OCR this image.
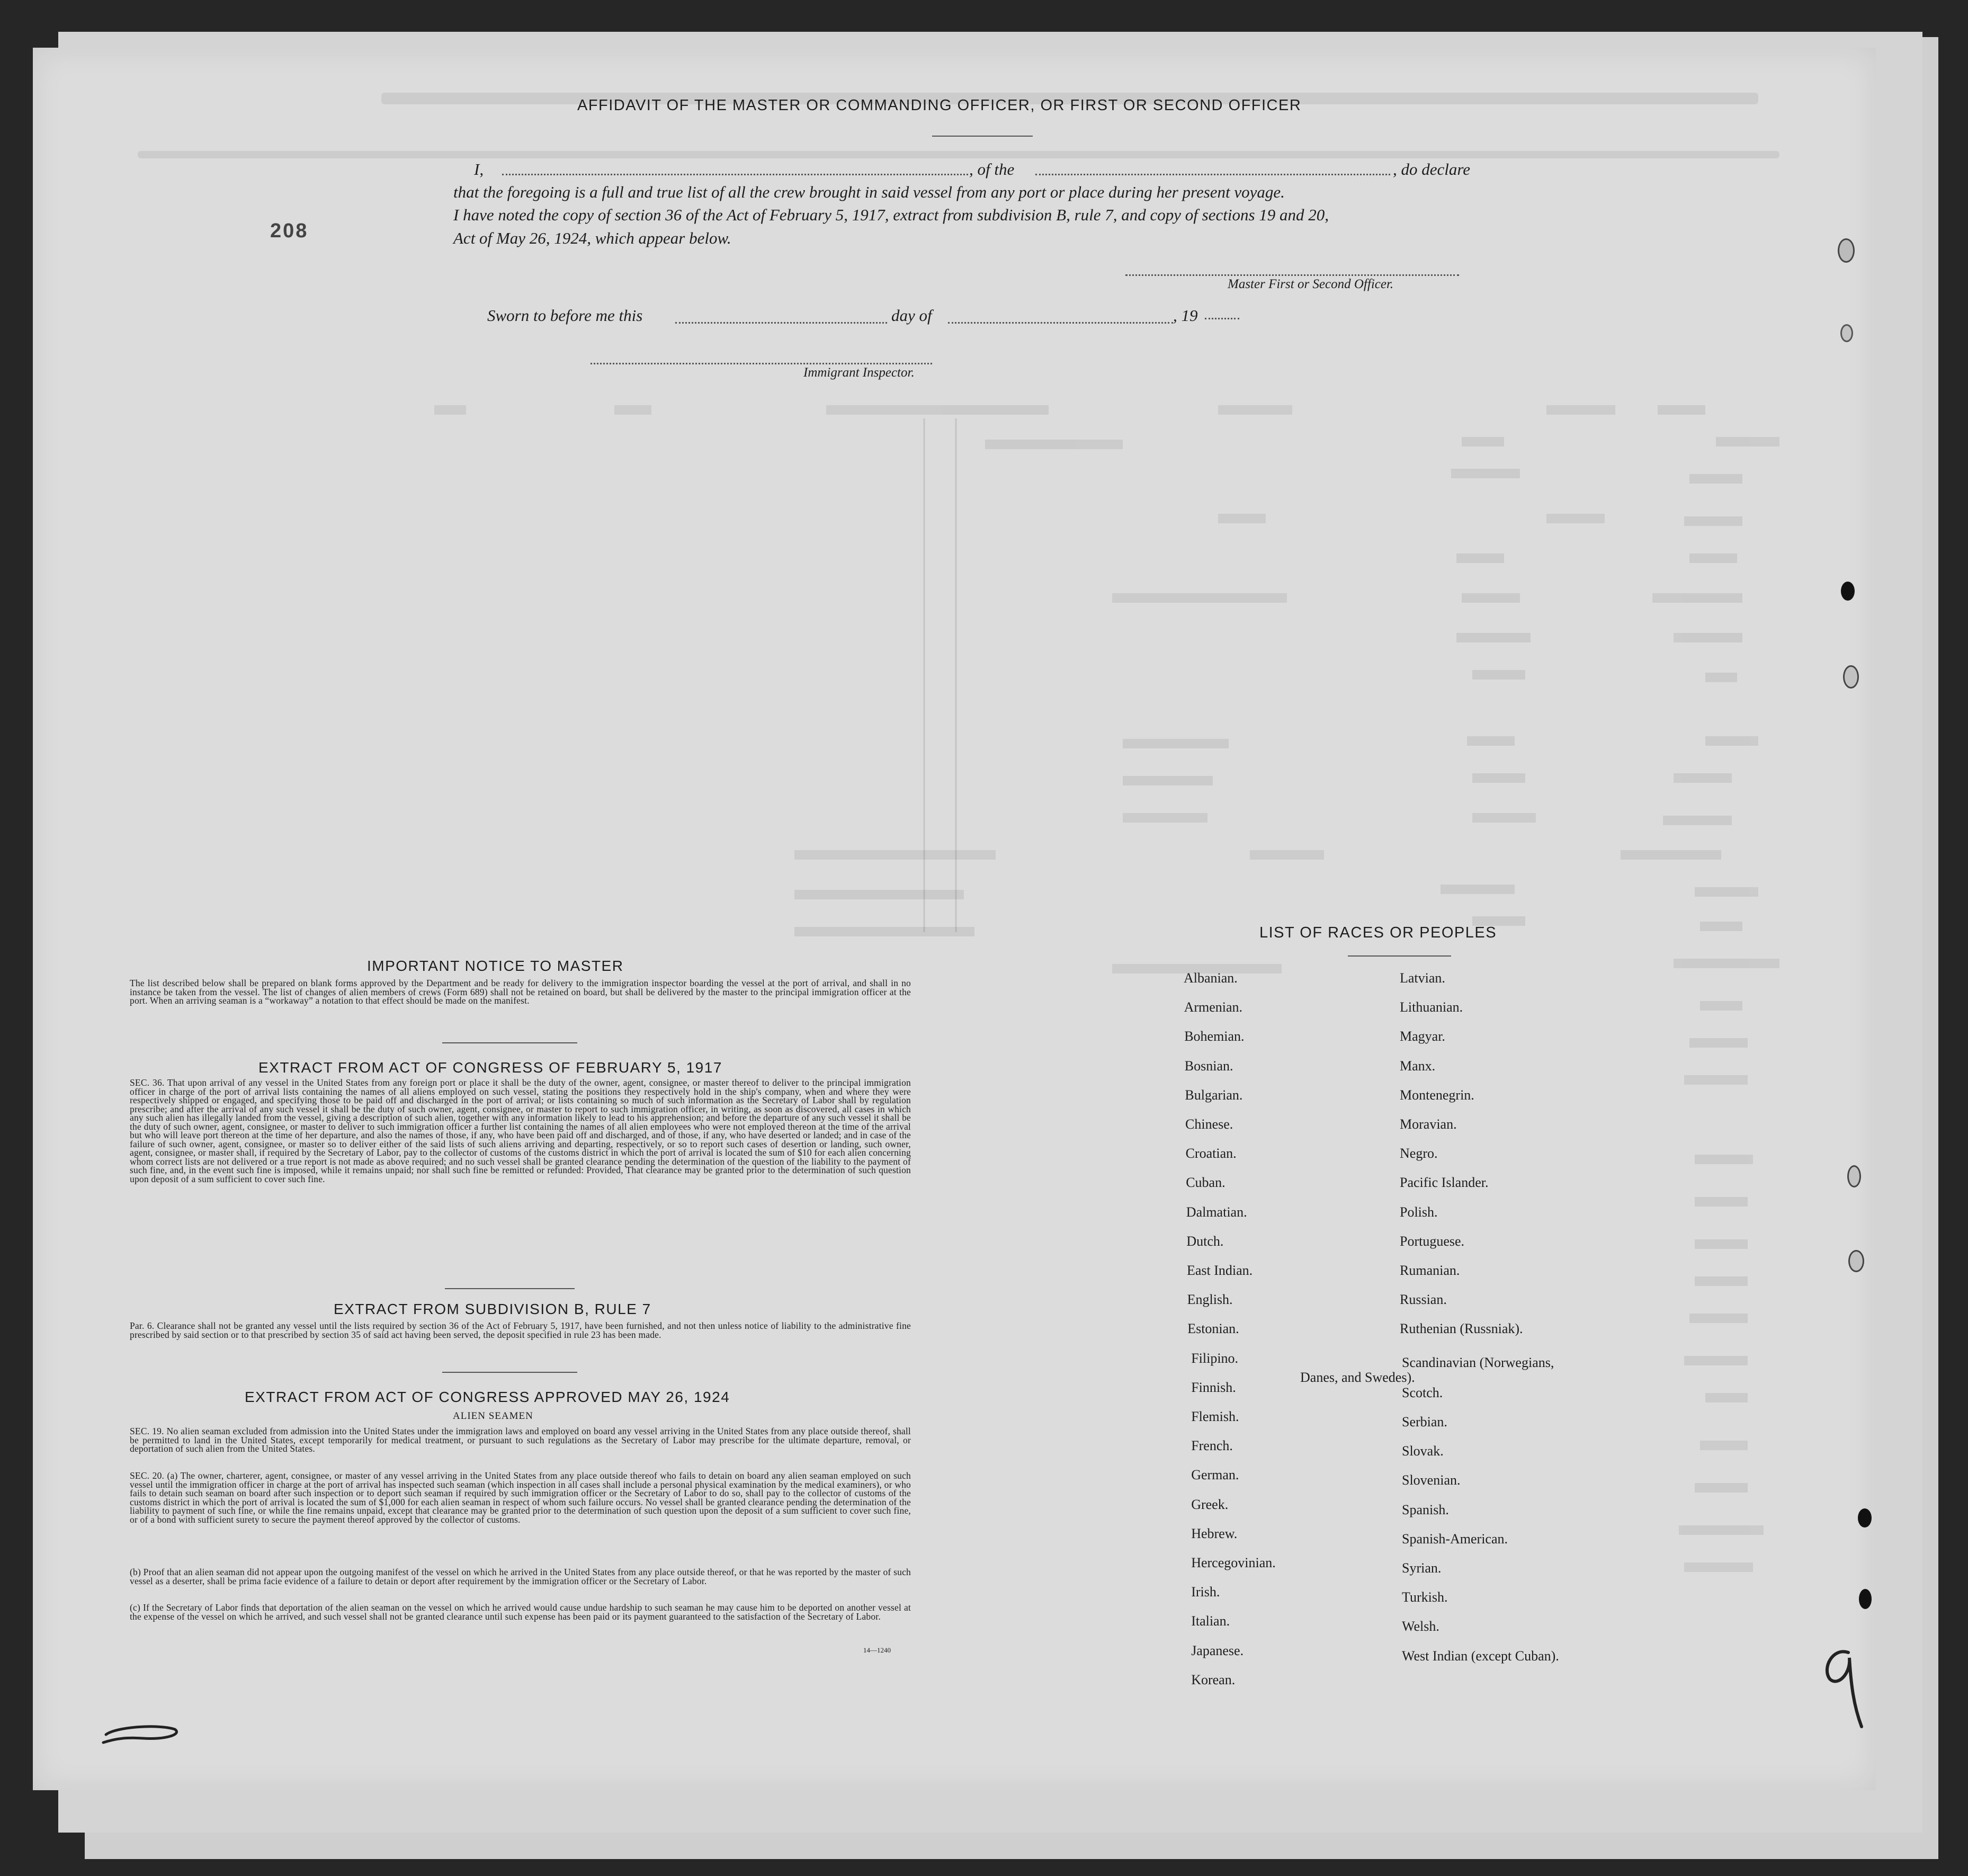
AFFIDAVIT OF THE MASTER OR COMMANDING OFFICER, OR FIRST OR SECOND OFFICER
I,	, of the	, do declare
that the foregoing is a full and true list of all the crew brought in said vessel from any port or place during her present voyage.
I have noted the copy of section 36 of the Act of February 5, 1917, extract from subdivision B, rule 7, and copy of sections 19 and 20,
Act of May 26, 1924, which appear below.
208
Master First or Second Officer.
Sworn to before me this	day of	, 19
Immigrant Inspector.
IMPORTANT NOTICE TO MASTER
The list described below shall be prepared on blank forms approved by the Department and be ready for delivery to the immigration inspector boarding the vessel at the port of arrival, and shall in no instance be taken from the vessel. The list of changes of alien members of crews (Form 689) shall not be retained on board, but shall be delivered by the master to the principal immigration officer at the port. When an arriving seaman is a “workaway” a notation to that effect should be made on the manifest.
EXTRACT FROM ACT OF CONGRESS OF FEBRUARY 5, 1917
SEC. 36. That upon arrival of any vessel in the United States from any foreign port or place it shall be the duty of the owner, agent, consignee, or master thereof to deliver to the principal immigration officer in charge of the port of arrival lists containing the names of all aliens employed on such vessel, stating the positions they respectively hold in the ship's company, when and where they were respectively shipped or engaged, and specifying those to be paid off and discharged in the port of arrival; or lists containing so much of such information as the Secretary of Labor shall by regulation prescribe; and after the arrival of any such vessel it shall be the duty of such owner, agent, consignee, or master to report to such immigration officer, in writing, as soon as discovered, all cases in which any such alien has illegally landed from the vessel, giving a description of such alien, together with any information likely to lead to his apprehension; and before the departure of any such vessel it shall be the duty of such owner, agent, consignee, or master to deliver to such immigration officer a further list containing the names of all alien employees who were not employed thereon at the time of the arrival but who will leave port thereon at the time of her departure, and also the names of those, if any, who have been paid off and discharged, and of those, if any, who have deserted or landed; and in case of the failure of such owner, agent, consignee, or master so to deliver either of the said lists of such aliens arriving and departing, respectively, or so to report such cases of desertion or landing, such owner, agent, consignee, or master shall, if required by the Secretary of Labor, pay to the collector of customs of the customs district in which the port of arrival is located the sum of $10 for each alien concerning whom correct lists are not delivered or a true report is not made as above required; and no such vessel shall be granted clearance pending the determination of the question of the liability to the payment of such fine, and, in the event such fine is imposed, while it remains unpaid; nor shall such fine be remitted or refunded: Provided, That clearance may be granted prior to the determination of such question upon deposit of a sum sufficient to cover such fine.
EXTRACT FROM SUBDIVISION B, RULE 7
Par. 6. Clearance shall not be granted any vessel until the lists required by section 36 of the Act of February 5, 1917, have been furnished, and not then unless notice of liability to the administrative fine prescribed by said section or to that prescribed by section 35 of said act having been served, the deposit specified in rule 23 has been made.
EXTRACT FROM ACT OF CONGRESS APPROVED MAY 26, 1924
ALIEN SEAMEN
SEC. 19. No alien seaman excluded from admission into the United States under the immigration laws and employed on board any vessel arriving in the United States from any place outside thereof, shall be permitted to land in the United States, except temporarily for medical treatment, or pursuant to such regulations as the Secretary of Labor may prescribe for the ultimate departure, removal, or deportation of such alien from the United States.
SEC. 20. (a) The owner, charterer, agent, consignee, or master of any vessel arriving in the United States from any place outside thereof who fails to detain on board any alien seaman employed on such vessel until the immigration officer in charge at the port of arrival has inspected such seaman (which inspection in all cases shall include a personal physical examination by the medical examiners), or who fails to detain such seaman on board after such inspection or to deport such seaman if required by such immigration officer or the Secretary of Labor to do so, shall pay to the collector of customs of the customs district in which the port of arrival is located the sum of $1,000 for each alien seaman in respect of whom such failure occurs. No vessel shall be granted clearance pending the determination of the liability to payment of such fine, or while the fine remains unpaid, except that clearance may be granted prior to the determination of such question upon the deposit of a sum sufficient to cover such fine, or of a bond with sufficient surety to secure the payment thereof approved by the collector of customs.
(b) Proof that an alien seaman did not appear upon the outgoing manifest of the vessel on which he arrived in the United States from any place outside thereof, or that he was reported by the master of such vessel as a deserter, shall be prima facie evidence of a failure to detain or deport after requirement by the immigration officer or the Secretary of Labor.
(c) If the Secretary of Labor finds that deportation of the alien seaman on the vessel on which he arrived would cause undue hardship to such seaman he may cause him to be deported on another vessel at the expense of the vessel on which he arrived, and such vessel shall not be granted clearance until such expense has been paid or its payment guaranteed to the satisfaction of the Secretary of Labor.
14—1240
LIST OF RACES OR PEOPLES
Albanian.
Armenian.
Bohemian.
Bosnian.
Bulgarian.
Chinese.
Croatian.
Cuban.
Dalmatian.
Dutch.
East Indian.
English.
Estonian.
Filipino.
Finnish.
Flemish.
French.
German.
Greek.
Hebrew.
Hercegovinian.
Irish.
Italian.
Japanese.
Korean.
Latvian.
Lithuanian.
Magyar.
Manx.
Montenegrin.
Moravian.
Negro.
Pacific Islander.
Polish.
Portuguese.
Rumanian.
Russian.
Ruthenian (Russniak).
Scandinavian (Norwegians,
Danes, and Swedes).
Scotch.
Serbian.
Slovak.
Slovenian.
Spanish.
Spanish-American.
Syrian.
Turkish.
Welsh.
West Indian (except Cuban).
